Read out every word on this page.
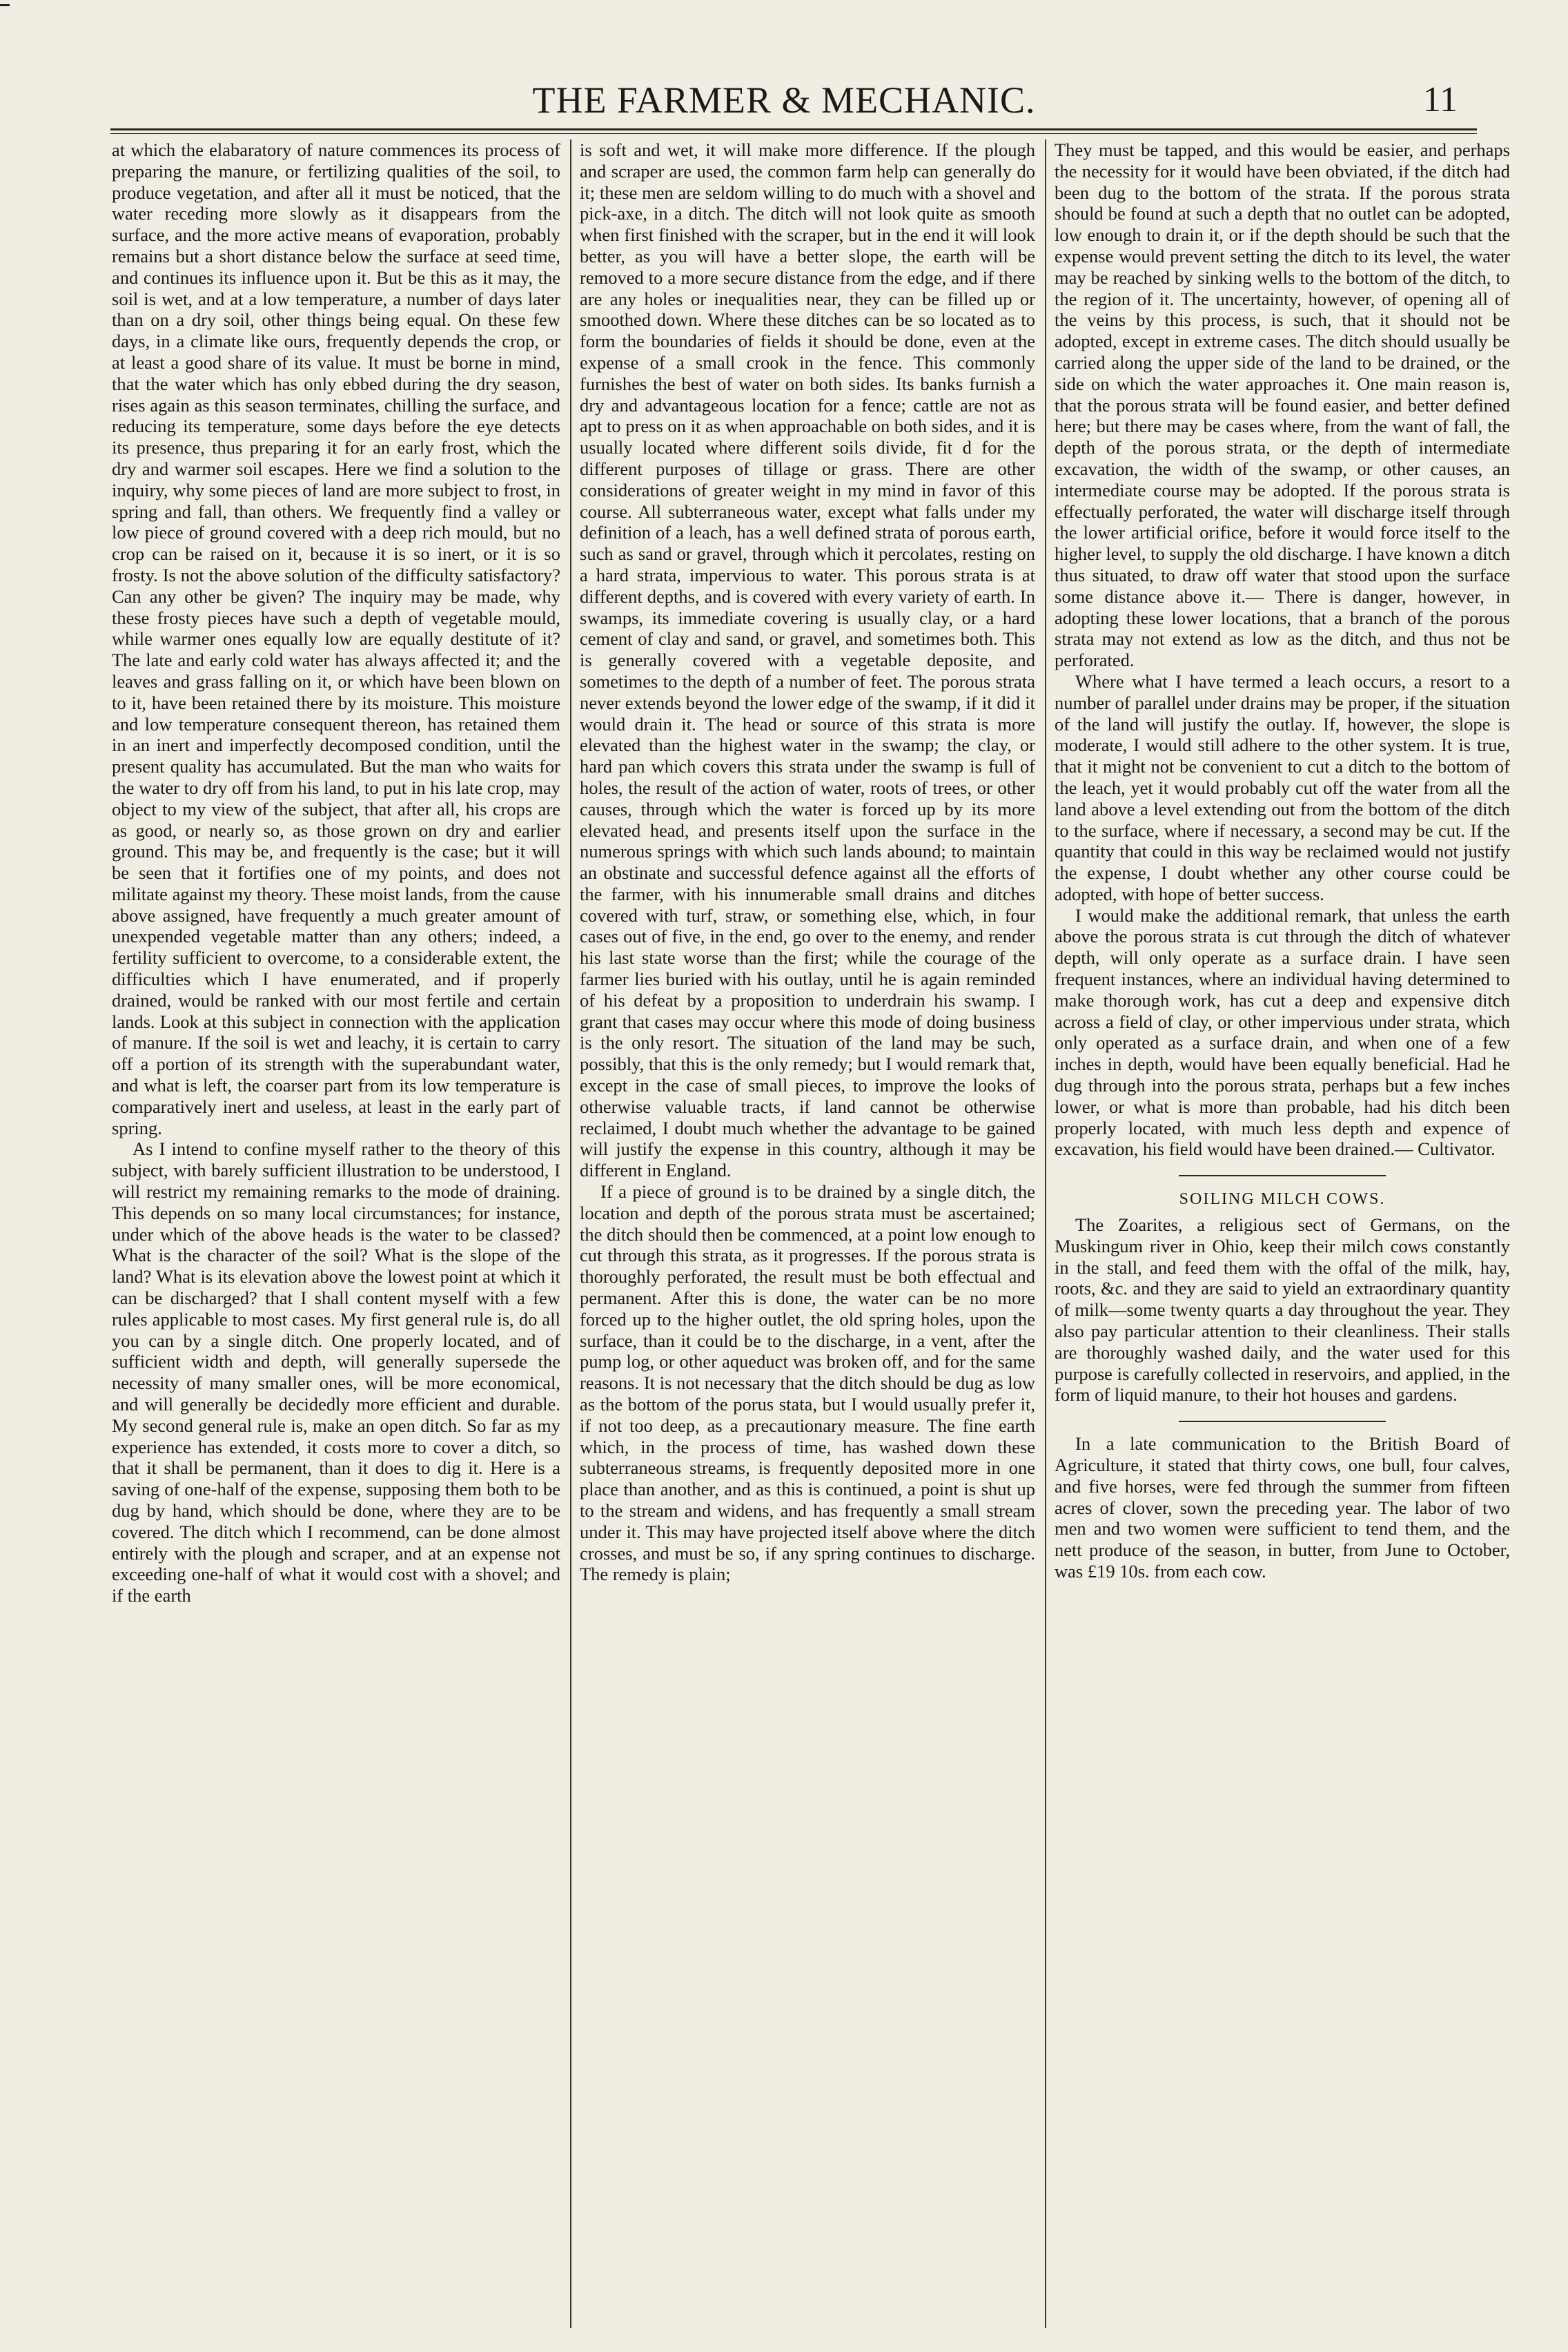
THE FARMER & MECHANIC.	11

at which the elabaratory of nature commences its process of preparing the manure, or fertilizing qualities of the soil, to produce vegetation, and after all it must be noticed, that the water receding more slowly as it disappears from the surface, and the more active means of evaporation, probably remains but a short distance below the surface at seed time, and continues its influence upon it. But be this as it may, the soil is wet, and at a low temperature, a number of days later than on a dry soil, other things being equal. On these few days, in a climate like ours, frequently depends the crop, or at least a good share of its value. It must be borne in mind, that the water which has only ebbed during the dry season, rises again as this season terminates, chilling the surface, and reducing its temperature, some days before the eye detects its presence, thus preparing it for an early frost, which the dry and warmer soil escapes. Here we find a solution to the inquiry, why some pieces of land are more subject to frost, in spring and fall, than others. We frequently find a valley or low piece of ground covered with a deep rich mould, but no crop can be raised on it, because it is so inert, or it is so frosty. Is not the above solution of the difficulty satisfactory? Can any other be given? The inquiry may be made, why these frosty pieces have such a depth of vegetable mould, while warmer ones equally low are equally destitute of it? The late and early cold water has always affected it; and the leaves and grass falling on it, or which have been blown on to it, have been retained there by its moisture. This moisture and low temperature consequent thereon, has retained them in an inert and imperfectly decomposed condition, until the present quality has accumulated. But the man who waits for the water to dry off from his land, to put in his late crop, may object to my view of the subject, that after all, his crops are as good, or nearly so, as those grown on dry and earlier ground. This may be, and frequently is the case; but it will be seen that it fortifies one of my points, and does not militate against my theory. These moist lands, from the cause above assigned, have frequently a much greater amount of unexpended vegetable matter than any others; indeed, a fertility sufficient to overcome, to a considerable extent, the difficulties which I have enumerated, and if properly drained, would be ranked with our most fertile and certain lands. Look at this subject in connection with the application of manure. If the soil is wet and leachy, it is certain to carry off a portion of its strength with the superabundant water, and what is left, the coarser part from its low temperature is comparatively inert and useless, at least in the early part of spring.

As I intend to confine myself rather to the theory of this subject, with barely sufficient illustration to be understood, I will restrict my remaining remarks to the mode of draining. This depends on so many local circumstances; for instance, under which of the above heads is the water to be classed? What is the character of the soil? What is the slope of the land? What is its elevation above the lowest point at which it can be discharged? that I shall content myself with a few rules applicable to most cases. My first general rule is, do all you can by a single ditch. One properly located, and of sufficient width and depth, will generally supersede the necessity of many smaller ones, will be more economical, and will generally be decidedly more efficient and durable. My second general rule is, make an open ditch. So far as my experience has extended, it costs more to cover a ditch, so that it shall be permanent, than it does to dig it. Here is a saving of one-half of the expense, supposing them both to be dug by hand, which should be done, where they are to be covered. The ditch which I recommend, can be done almost entirely with the plough and scraper, and at an expense not exceeding one-half of what it would cost with a shovel; and if the earth

is soft and wet, it will make more difference. If the plough and scraper are used, the common farm help can generally do it; these men are seldom willing to do much with a shovel and pick-axe, in a ditch. The ditch will not look quite as smooth when first finished with the scraper, but in the end it will look better, as you will have a better slope, the earth will be removed to a more secure distance from the edge, and if there are any holes or inequalities near, they can be filled up or smoothed down. Where these ditches can be so located as to form the boundaries of fields it should be done, even at the expense of a small crook in the fence. This commonly furnishes the best of water on both sides. Its banks furnish a dry and advantageous location for a fence; cattle are not as apt to press on it as when approachable on both sides, and it is usually located where different soils divide, fit d for the different purposes of tillage or grass. There are other considerations of greater weight in my mind in favor of this course. All subterraneous water, except what falls under my definition of a leach, has a well defined strata of porous earth, such as sand or gravel, through which it percolates, resting on a hard strata, impervious to water. This porous strata is at different depths, and is covered with every variety of earth. In swamps, its immediate covering is usually clay, or a hard cement of clay and sand, or gravel, and sometimes both. This is generally covered with a vegetable deposite, and sometimes to the depth of a number of feet. The porous strata never extends beyond the lower edge of the swamp, if it did it would drain it. The head or source of this strata is more elevated than the highest water in the swamp; the clay, or hard pan which covers this strata under the swamp is full of holes, the result of the action of water, roots of trees, or other causes, through which the water is forced up by its more elevated head, and presents itself upon the surface in the numerous springs with which such lands abound; to maintain an obstinate and successful defence against all the efforts of the farmer, with his innumerable small drains and ditches covered with turf, straw, or something else, which, in four cases out of five, in the end, go over to the enemy, and render his last state worse than the first; while the courage of the farmer lies buried with his outlay, until he is again reminded of his defeat by a proposition to underdrain his swamp. I grant that cases may occur where this mode of doing business is the only resort. The situation of the land may be such, possibly, that this is the only remedy; but I would remark that, except in the case of small pieces, to improve the looks of otherwise valuable tracts, if land cannot be otherwise reclaimed, I doubt much whether the advantage to be gained will justify the expense in this country, although it may be different in England.

If a piece of ground is to be drained by a single ditch, the location and depth of the porous strata must be ascertained; the ditch should then be commenced, at a point low enough to cut through this strata, as it progresses. If the porous strata is thoroughly perforated, the result must be both effectual and permanent. After this is done, the water can be no more forced up to the higher outlet, the old spring holes, upon the surface, than it could be to the discharge, in a vent, after the pump log, or other aqueduct was broken off, and for the same reasons. It is not necessary that the ditch should be dug as low as the bottom of the porus stata, but I would usually prefer it, if not too deep, as a precautionary measure. The fine earth which, in the process of time, has washed down these subterraneous streams, is frequently deposited more in one place than another, and as this is continued, a point is shut up to the stream and widens, and has frequently a small stream under it. This may have projected itself above where the ditch crosses, and must be so, if any spring continues to discharge. The remedy is plain;

They must be tapped, and this would be easier, and perhaps the necessity for it would have been obviated, if the ditch had been dug to the bottom of the strata. If the porous strata should be found at such a depth that no outlet can be adopted, low enough to drain it, or if the depth should be such that the expense would prevent setting the ditch to its level, the water may be reached by sinking wells to the bottom of the ditch, to the region of it. The uncertainty, however, of opening all of the veins by this process, is such, that it should not be adopted, except in extreme cases. The ditch should usually be carried along the upper side of the land to be drained, or the side on which the water approaches it. One main reason is, that the porous strata will be found easier, and better defined here; but there may be cases where, from the want of fall, the depth of the porous strata, or the depth of intermediate excavation, the width of the swamp, or other causes, an intermediate course may be adopted. If the porous strata is effectually perforated, the water will discharge itself through the lower artificial orifice, before it would force itself to the higher level, to supply the old discharge. I have known a ditch thus situated, to draw off water that stood upon the surface some distance above it.— There is danger, however, in adopting these lower locations, that a branch of the porous strata may not extend as low as the ditch, and thus not be perforated.

Where what I have termed a leach occurs, a resort to a number of parallel under drains may be proper, if the situation of the land will justify the outlay. If, however, the slope is moderate, I would still adhere to the other system. It is true, that it might not be convenient to cut a ditch to the bottom of the leach, yet it would probably cut off the water from all the land above a level extending out from the bottom of the ditch to the surface, where if necessary, a second may be cut. If the quantity that could in this way be reclaimed would not justify the expense, I doubt whether any other course could be adopted, with hope of better success.

I would make the additional remark, that unless the earth above the porous strata is cut through the ditch of whatever depth, will only operate as a surface drain. I have seen frequent instances, where an individual having determined to make thorough work, has cut a deep and expensive ditch across a field of clay, or other impervious under strata, which only operated as a surface drain, and when one of a few inches in depth, would have been equally beneficial. Had he dug through into the porous strata, perhaps but a few inches lower, or what is more than probable, had his ditch been properly located, with much less depth and expence of excavation, his field would have been drained.— Cultivator.

SOILING MILCH COWS.

The Zoarites, a religious sect of Germans, on the Muskingum river in Ohio, keep their milch cows constantly in the stall, and feed them with the offal of the milk, hay, roots, &c. and they are said to yield an extraordinary quantity of milk—some twenty quarts a day throughout the year. They also pay particular attention to their cleanliness. Their stalls are thoroughly washed daily, and the water used for this purpose is carefully collected in reservoirs, and applied, in the form of liquid manure, to their hot houses and gardens.

In a late communication to the British Board of Agriculture, it stated that thirty cows, one bull, four calves, and five horses, were fed through the summer from fifteen acres of clover, sown the preceding year. The labor of two men and two women were sufficient to tend them, and the nett produce of the season, in butter, from June to October, was £19 10s. from each cow.
